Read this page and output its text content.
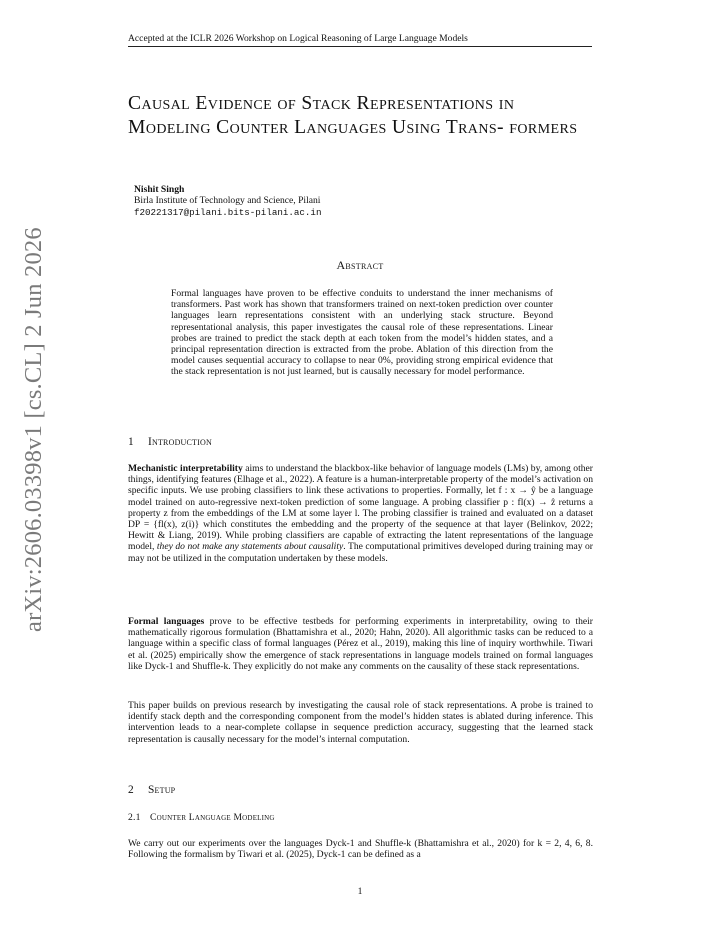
Accepted at the ICLR 2026 Workshop on Logical Reasoning of Large Language Models
arXiv:2606.03398v1 [cs.CL] 2 Jun 2026
Causal Evidence of Stack Representations in Modeling Counter Languages Using Trans- formers
Nishit Singh
Birla Institute of Technology and Science, Pilani
f20221317@pilani.bits-pilani.ac.in
Abstract
Formal languages have proven to be effective conduits to understand the inner mechanisms of transformers. Past work has shown that transformers trained on next-token prediction over counter languages learn representations consistent with an underlying stack structure. Beyond representational analysis, this paper investigates the causal role of these representations. Linear probes are trained to predict the stack depth at each token from the model’s hidden states, and a principal representation direction is extracted from the probe. Ablation of this direction from the model causes sequential accuracy to collapse to near 0%, providing strong empirical evidence that the stack representation is not just learned, but is causally necessary for model performance.
1 Introduction
Mechanistic interpretability aims to understand the blackbox-like behavior of language models (LMs) by, among other things, identifying features (Elhage et al., 2022). A feature is a human-interpretable property of the model’s activation on specific inputs. We use probing classifiers to link these activations to properties. Formally, let f : x → ŷ be a language model trained on auto-regressive next-token prediction of some language. A probing classifier p : fl(x) → ẑ returns a property z from the embeddings of the LM at some layer l. The probing classifier is trained and evaluated on a dataset DP = {fl(x), z(i)} which constitutes the embedding and the property of the sequence at that layer (Belinkov, 2022; Hewitt & Liang, 2019). While probing classifiers are capable of extracting the latent representations of the language model, they do not make any statements about causality. The computational primitives developed during training may or may not be utilized in the computation undertaken by these models.
Formal languages prove to be effective testbeds for performing experiments in interpretability, owing to their mathematically rigorous formulation (Bhattamishra et al., 2020; Hahn, 2020). All algorithmic tasks can be reduced to a language within a specific class of formal languages (Pérez et al., 2019), making this line of inquiry worthwhile. Tiwari et al. (2025) empirically show the emergence of stack representations in language models trained on formal languages like Dyck-1 and Shuffle-k. They explicitly do not make any comments on the causality of these stack representations.
This paper builds on previous research by investigating the causal role of stack representations. A probe is trained to identify stack depth and the corresponding component from the model’s hidden states is ablated during inference. This intervention leads to a near-complete collapse in sequence prediction accuracy, suggesting that the learned stack representation is causally necessary for the model’s internal computation.
2 Setup
2.1 Counter Language Modeling
We carry out our experiments over the languages Dyck-1 and Shuffle-k (Bhattamishra et al., 2020) for k = 2, 4, 6, 8. Following the formalism by Tiwari et al. (2025), Dyck-1 can be defined as a
1
